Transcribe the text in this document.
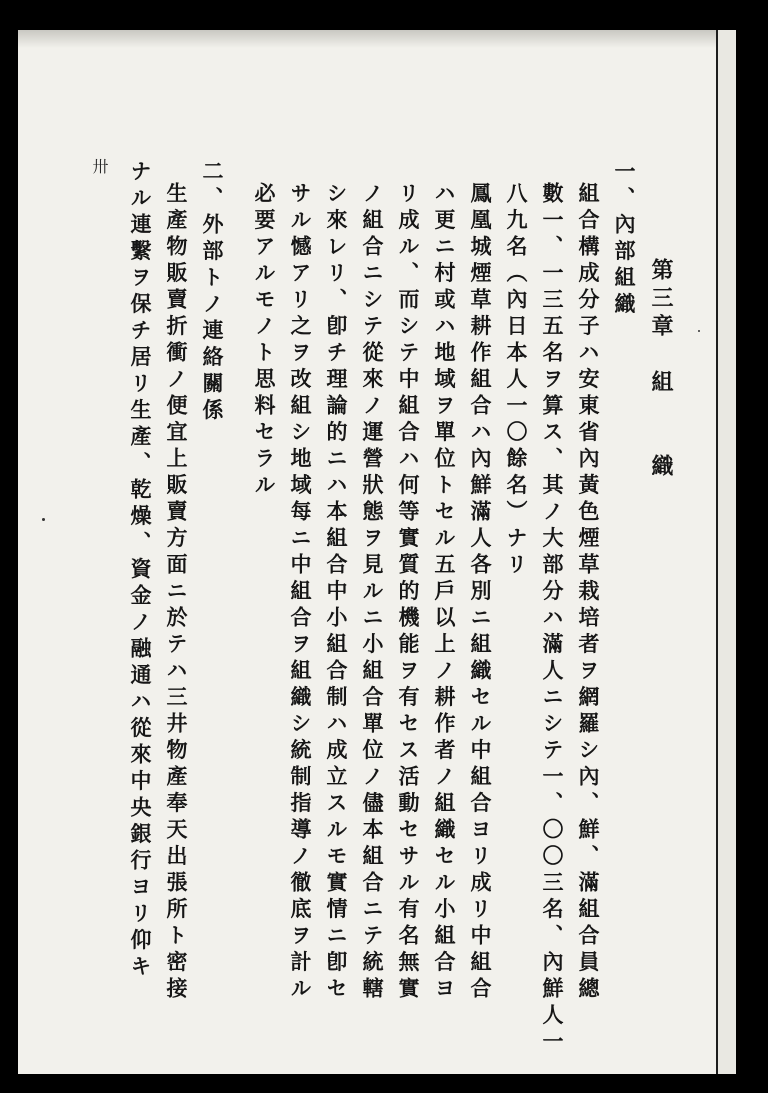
第三章　組　　織
一、內部組織
組合構成分子ハ安東省內黃色煙草栽培者ヲ網羅シ內、鮮、滿組合員總
數一、一三五名ヲ算ス、其ノ大部分ハ滿人ニシテ一、〇〇三名、內鮮人一
八九名（內日本人一〇餘名）ナリ
鳳凰城煙草耕作組合ハ內鮮滿人各別ニ組織セル中組合ヨリ成リ中組合
ハ更ニ村或ハ地域ヲ單位トセル五戶以上ノ耕作者ノ組織セル小組合ヨ
リ成ル、而シテ中組合ハ何等實質的機能ヲ有セス活動セサル有名無實
ノ組合ニシテ從來ノ運營狀態ヲ見ルニ小組合單位ノ儘本組合ニテ統轄
シ來レリ、卽チ理論的ニハ本組合中小組合制ハ成立スルモ實情ニ卽セ
サル憾アリ之ヲ改組シ地域每ニ中組合ヲ組織シ統制指導ノ徹底ヲ計ル
必要アルモノト思料セラル
二、外部トノ連絡關係
生產物販賣折衝ノ便宜上販賣方面ニ於テハ三井物產奉天出張所ト密接
ナル連繫ヲ保チ居リ生產、乾燥、資金ノ融通ハ從來中央銀行ヨリ仰キ
卅
